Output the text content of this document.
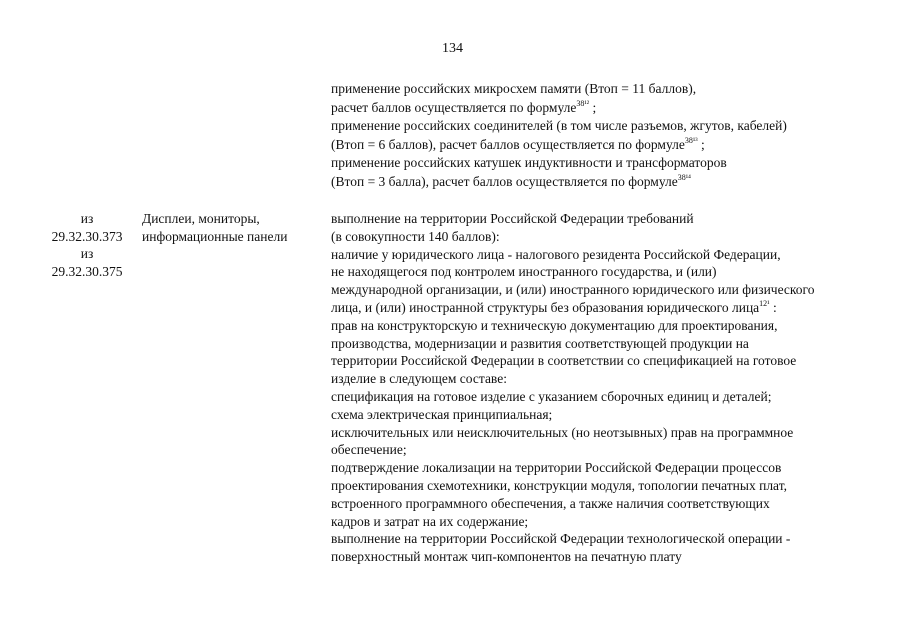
134
применение российских микросхем памяти (Втоп = 11 баллов),
расчет баллов осуществляется по формуле$^{38^{12}}$ ;
применение российских соединителей (в том числе разъемов, жгутов, кабелей)
(Втоп = 6 баллов), расчет баллов осуществляется по формуле$^{38^{13}}$ ;
применение российских катушек индуктивности и трансформаторов
(Втоп = 3 балла), расчет баллов осуществляется по формуле$^{38^{14}}$
из
29.32.30.373
из
29.32.30.375
Дисплеи, мониторы,
информационные панели
выполнение на территории Российской Федерации требований
(в совокупности 140 баллов):
наличие у юридического лица - налогового резидента Российской Федерации,
не находящегося под контролем иностранного государства, и (или)
международной организации, и (или) иностранного юридического или физического
лица, и (или) иностранной структуры без образования юридического лица$^{12^1}$ :
прав на конструкторскую и техническую документацию для проектирования,
производства, модернизации и развития соответствующей продукции на
территории Российской Федерации в соответствии со спецификацией на готовое
изделие в следующем составе:
спецификация на готовое изделие с указанием сборочных единиц и деталей;
схема электрическая принципиальная;
исключительных или неисключительных (но неотзывных) прав на программное
обеспечение;
подтверждение локализации на территории Российской Федерации процессов
проектирования схемотехники, конструкции модуля, топологии печатных плат,
встроенного программного обеспечения, а также наличия соответствующих
кадров и затрат на их содержание;
выполнение на территории Российской Федерации технологической операции -
поверхностный монтаж чип-компонентов на печатную плату
